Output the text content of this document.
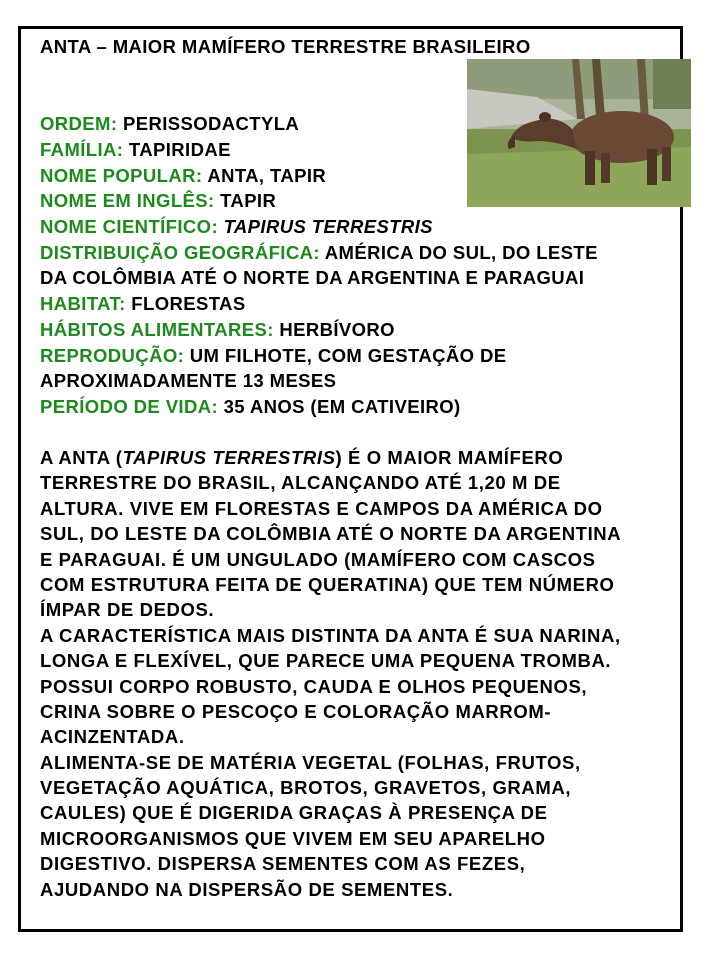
ANTA – MAIOR MAMÍFERO TERRESTRE BRASILEIRO
ORDEM: PERISSODACTYLA
FAMÍLIA: TAPIRIDAE
NOME POPULAR: ANTA, TAPIR
NOME EM INGLÊS: TAPIR
NOME CIENTÍFICO: TAPIRUS TERRESTRIS
DISTRIBUIÇÃO GEOGRÁFICA: AMÉRICA DO SUL, DO LESTE
DA COLÔMBIA ATÉ O NORTE DA ARGENTINA E PARAGUAI
HABITAT: FLORESTAS
HÁBITOS ALIMENTARES: HERBÍVORO
REPRODUÇÃO: UM FILHOTE, COM GESTAÇÃO DE
APROXIMADAMENTE 13 MESES
PERÍODO DE VIDA: 35 ANOS (EM CATIVEIRO)
A ANTA (TAPIRUS TERRESTRIS) É O MAIOR MAMÍFERO
TERRESTRE DO BRASIL, ALCANÇANDO ATÉ 1,20 M DE
ALTURA. VIVE EM FLORESTAS E CAMPOS DA AMÉRICA DO
SUL, DO LESTE DA COLÔMBIA ATÉ O NORTE DA ARGENTINA
E PARAGUAI. É UM UNGULADO (MAMÍFERO COM CASCOS
COM ESTRUTURA FEITA DE QUERATINA) QUE TEM NÚMERO
ÍMPAR DE DEDOS.
A CARACTERÍSTICA MAIS DISTINTA DA ANTA É SUA NARINA,
LONGA E FLEXÍVEL, QUE PARECE UMA PEQUENA TROMBA.
POSSUI CORPO ROBUSTO, CAUDA E OLHOS PEQUENOS,
CRINA SOBRE O PESCOÇO E COLORAÇÃO MARROM-
ACINZENTADA.
ALIMENTA-SE DE MATÉRIA VEGETAL (FOLHAS, FRUTOS,
VEGETAÇÃO AQUÁTICA, BROTOS, GRAVETOS, GRAMA,
CAULES) QUE É DIGERIDA GRAÇAS À PRESENÇA DE
MICROORGANISMOS QUE VIVEM EM SEU APARELHO
DIGESTIVO. DISPERSA SEMENTES COM AS FEZES,
AJUDANDO NA DISPERSÃO DE SEMENTES.
